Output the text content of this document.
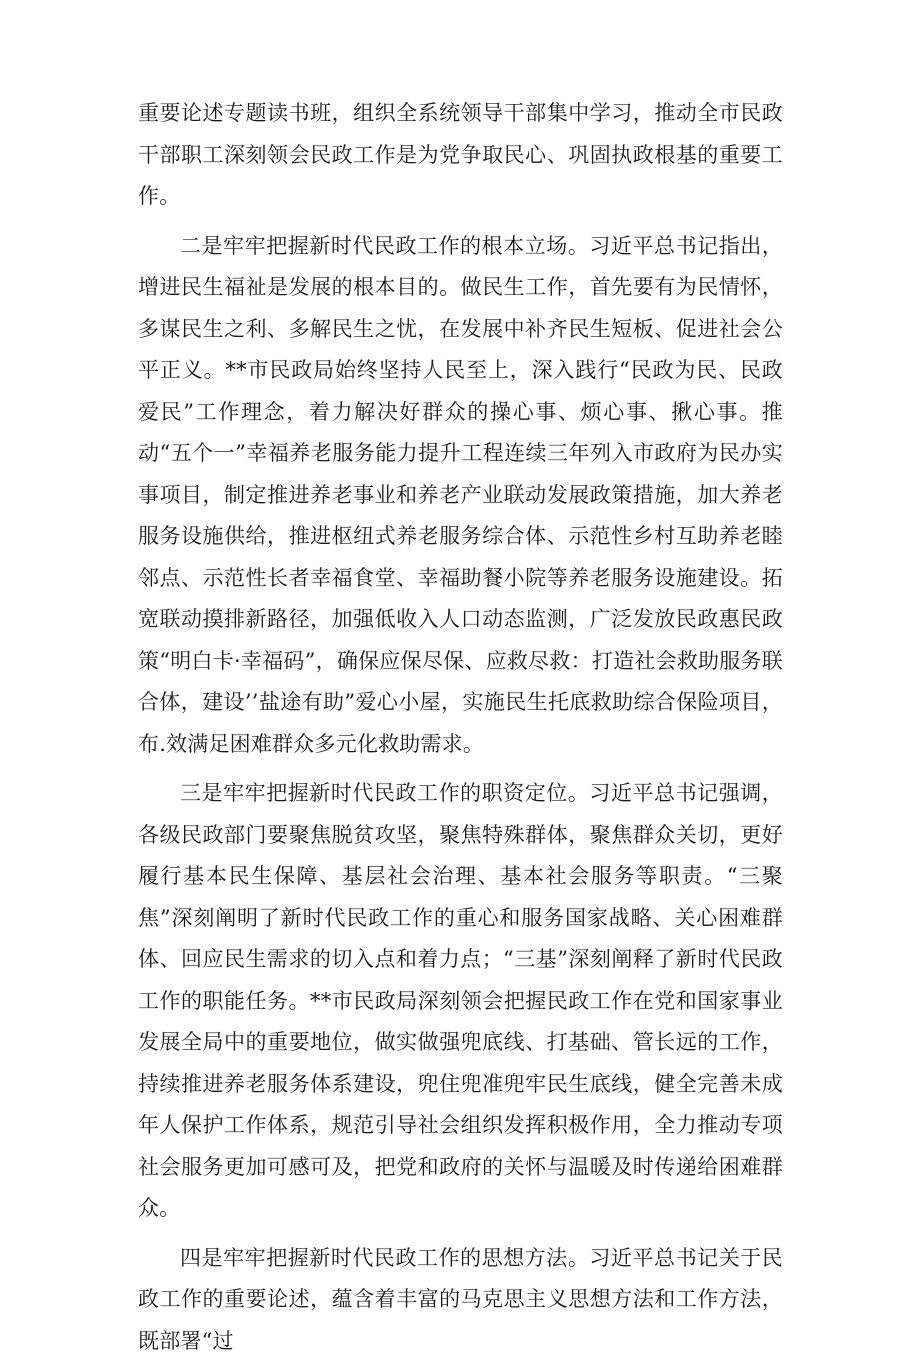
重要论述专题读书班，组织全系统领导干部集中学习，推动全市民政干部职工深刻领会民政工作是为党争取民心、巩固执政根基的重要工作。

二是牢牢把握新时代民政工作的根本立场。习近平总书记指出，增进民生福祉是发展的根本目的。做民生工作，首先要有为民情怀，多谋民生之利、多解民生之忧，在发展中补齐民生短板、促进社会公平正义。**市民政局始终坚持人民至上，深入践行“民政为民、民政爱民”工作理念，着力解决好群众的操心事、烦心事、揪心事。推动“五个一”幸福养老服务能力提升工程连续三年列入市政府为民办实事项目，制定推进养老事业和养老产业联动发展政策措施，加大养老服务设施供给，推进枢纽式养老服务综合体、示范性乡村互助养老睦邻点、示范性长者幸福食堂、幸福助餐小院等养老服务设施建设。拓宽联动摸排新路径，加强低收入人口动态监测，广泛发放民政惠民政策“明白卡·幸福码”，确保应保尽保、应救尽救：打造社会救助服务联合体，建设’’盐途有助”爱心小屋，实施民生托底救助综合保险项目，布.效满足困难群众多元化救助需求。

三是牢牢把握新时代民政工作的职资定位。习近平总书记强调，各级民政部门要聚焦脱贫攻坚，聚焦特殊群体，聚焦群众关切，更好履行基本民生保障、基层社会治理、基本社会服务等职责。“三聚焦”深刻阐明了新时代民政工作的重心和服务国家战略、关心困难群体、回应民生需求的切入点和着力点；“三基”深刻阐释了新时代民政工作的职能任务。**市民政局深刻领会把握民政工作在党和国家事业发展全局中的重要地位，做实做强兜底线、打基础、管长远的工作，持续推进养老服务体系建设，兜住兜准兜牢民生底线，健全完善未成年人保护工作体系，规范引导社会组织发挥积极作用，全力推动专项社会服务更加可感可及，把党和政府的关怀与温暖及时传递给困难群众。

四是牢牢把握新时代民政工作的思想方法。习近平总书记关于民政工作的重要论述，蕴含着丰富的马克思主义思想方法和工作方法，既部署“过
